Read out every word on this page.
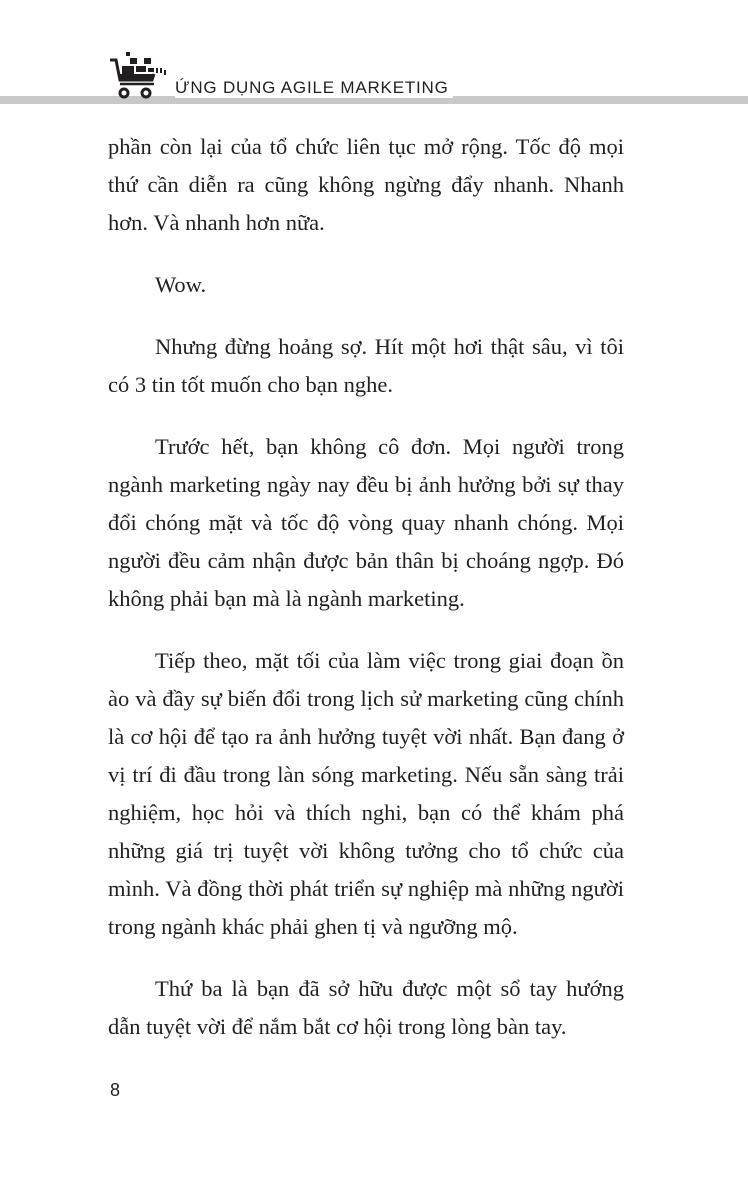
ỨNG DỤNG AGILE MARKETING

phần còn lại của tổ chức liên tục mở rộng. Tốc độ mọi thứ cần diễn ra cũng không ngừng đẩy nhanh. Nhanh hơn. Và nhanh hơn nữa.

Wow.

Nhưng đừng hoảng sợ. Hít một hơi thật sâu, vì tôi có 3 tin tốt muốn cho bạn nghe.

Trước hết, bạn không cô đơn. Mọi người trong ngành marketing ngày nay đều bị ảnh hưởng bởi sự thay đổi chóng mặt và tốc độ vòng quay nhanh chóng. Mọi người đều cảm nhận được bản thân bị choáng ngợp. Đó không phải bạn mà là ngành marketing.

Tiếp theo, mặt tối của làm việc trong giai đoạn ồn ào và đầy sự biến đổi trong lịch sử marketing cũng chính là cơ hội để tạo ra ảnh hưởng tuyệt vời nhất. Bạn đang ở vị trí đi đầu trong làn sóng marketing. Nếu sẵn sàng trải nghiệm, học hỏi và thích nghi, bạn có thể khám phá những giá trị tuyệt vời không tưởng cho tổ chức của mình. Và đồng thời phát triển sự nghiệp mà những người trong ngành khác phải ghen tị và ngưỡng mộ.

Thứ ba là bạn đã sở hữu được một sổ tay hướng dẫn tuyệt vời để nắm bắt cơ hội trong lòng bàn tay.

8
